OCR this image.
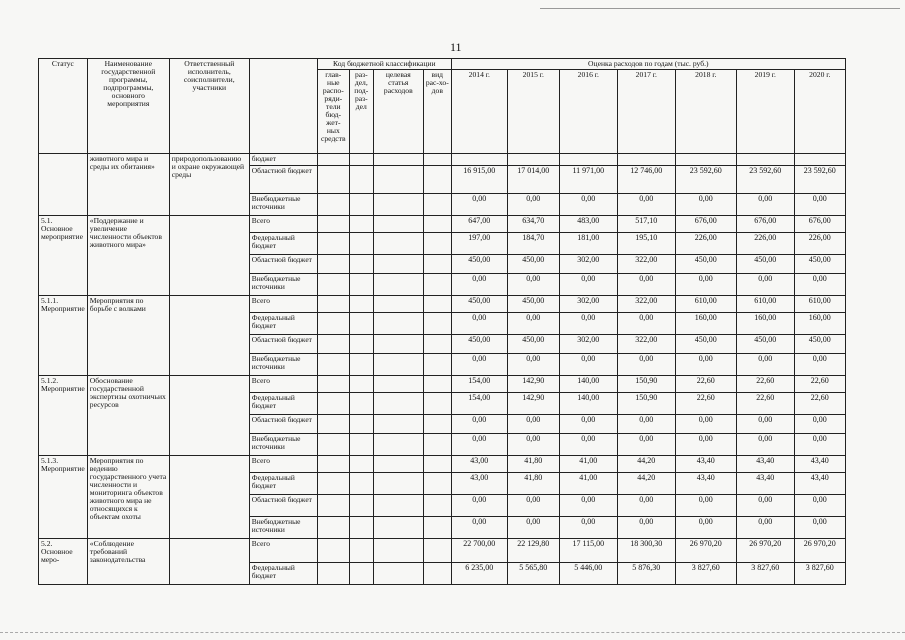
11
Статус	Наименование государственной программы, подпрограммы, основного мероприятия	Ответственный исполнитель, соисполнители, участники		Код бюджетной классификации				Оценка расходов по годам (тыс. руб.)						
				глав-ные распо-ряди-тели бюд-жет-ных средств	раз-дел, под-раз-дел	целевая статья расходов	вид рас-хо-дов	2014 г.	2015 г.	2016 г.	2017 г.	2018 г.	2019 г.	2020 г.
	животного мира и среды их обитания»	природопользованию и охране окружающей среды	бюджет											
			Областной бюджет					16 915,00	17 014,00	11 971,00	12 746,00	23 592,60	23 592,60	23 592,60
			Внебюджетные источники					0,00	0,00	0,00	0,00	0,00	0,00	0,00
5.1. Основное мероприятие	«Поддержание и увеличение численности объектов животного мира»		Всего					647,00	634,70	483,00	517,10	676,00	676,00	676,00
			Федеральный бюджет					197,00	184,70	181,00	195,10	226,00	226,00	226,00
			Областной бюджет					450,00	450,00	302,00	322,00	450,00	450,00	450,00
			Внебюджетные источники					0,00	0,00	0,00	0,00	0,00	0,00	0,00
5.1.1. Мероприятие	Мероприятия по борьбе с волками		Всего					450,00	450,00	302,00	322,00	610,00	610,00	610,00
			Федеральный бюджет					0,00	0,00	0,00	0,00	160,00	160,00	160,00
			Областной бюджет					450,00	450,00	302,00	322,00	450,00	450,00	450,00
			Внебюджетные источники					0,00	0,00	0,00	0,00	0,00	0,00	0,00
5.1.2. Мероприятие	Обоснование государственной экспертизы охотничьих ресурсов		Всего					154,00	142,90	140,00	150,90	22,60	22,60	22,60
			Федеральный бюджет					154,00	142,90	140,00	150,90	22,60	22,60	22,60
			Областной бюджет					0,00	0,00	0,00	0,00	0,00	0,00	0,00
			Внебюджетные источники					0,00	0,00	0,00	0,00	0,00	0,00	0,00
5.1.3. Мероприятие	Мероприятия по ведению государственного учета численности и мониторинга объектов животного мира не относящихся к объектам охоты		Всего					43,00	41,80	41,00	44,20	43,40	43,40	43,40
			Федеральный бюджет					43,00	41,80	41,00	44,20	43,40	43,40	43,40
			Областной бюджет					0,00	0,00	0,00	0,00	0,00	0,00	0,00
			Внебюджетные источники					0,00	0,00	0,00	0,00	0,00	0,00	0,00
5.2. Основное меро-	«Соблюдение требований законодательства		Всего					22 700,00	22 129,80	17 115,00	18 300,30	26 970,20	26 970,20	26 970,20
			Федеральный бюджет					6 235,00	5 565,80	5 446,00	5 876,30	3 827,60	3 827,60	3 827,60
